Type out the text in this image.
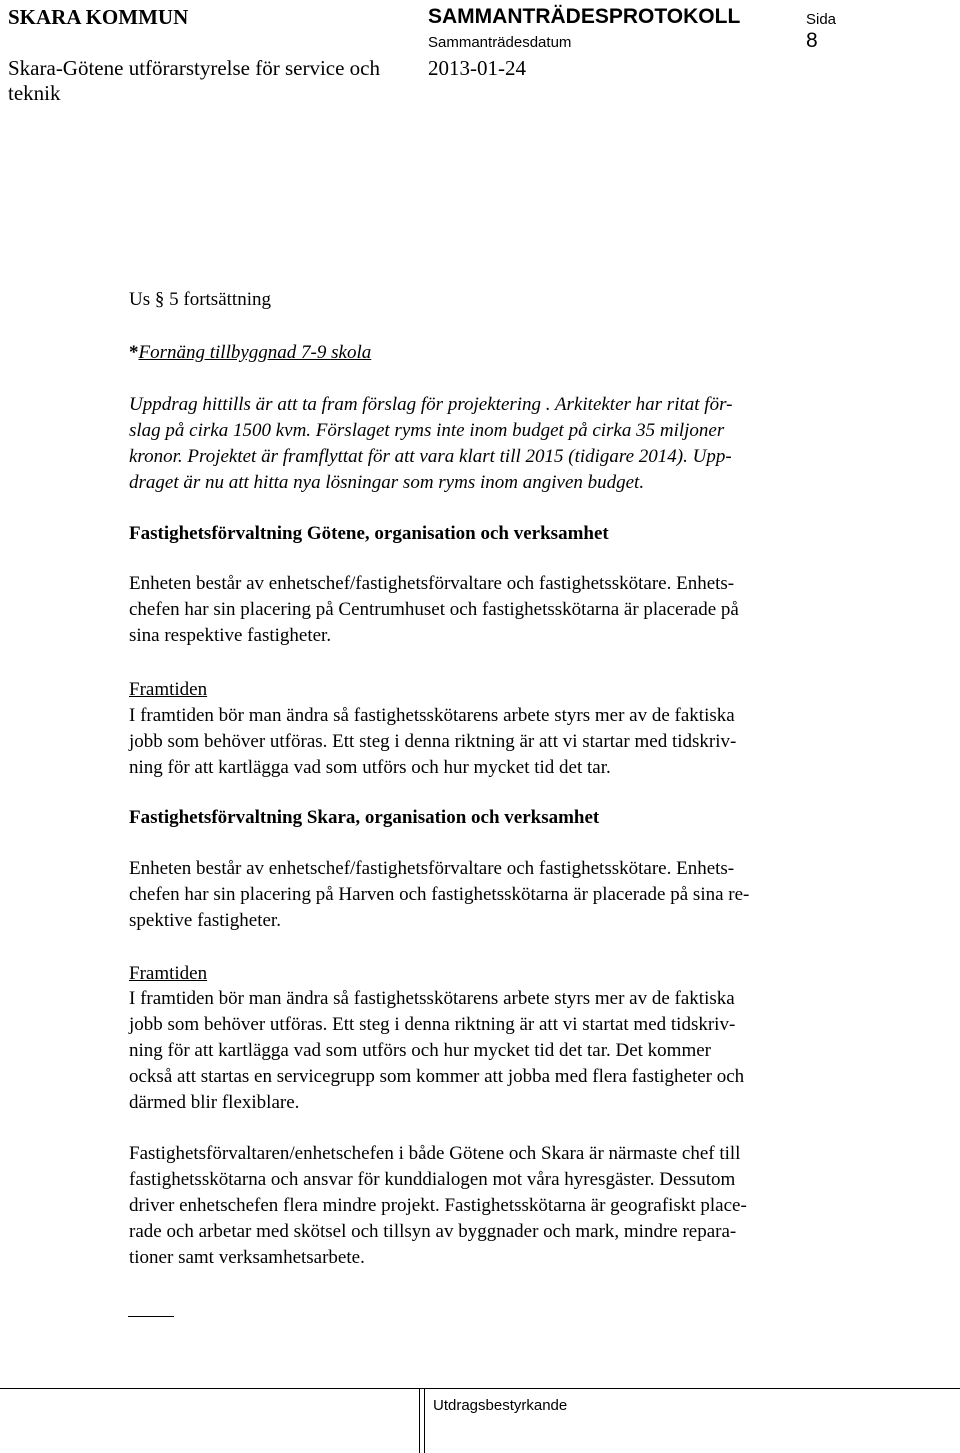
SKARA KOMMUN	SAMMANTRÄDESPROTOKOLL	Sida
Sammanträdesdatum	8
Skara-Götene utförarstyrelse för service och 2013-01-24
teknik
Us § 5 fortsättning
*Fornäng tillbyggnad 7-9 skola
Uppdrag hittills är att ta fram förslag för projektering . Arkitekter har ritat för-
slag på cirka 1500 kvm. Förslaget ryms inte inom budget på cirka 35 miljoner
kronor. Projektet är framflyttat för att vara klart till 2015 (tidigare 2014). Upp-
draget är nu att hitta nya lösningar som ryms inom angiven budget.
Fastighetsförvaltning Götene, organisation och verksamhet
Enheten består av enhetschef/fastighetsförvaltare och fastighetsskötare. Enhets-
chefen har sin placering på Centrumhuset och fastighetsskötarna är placerade på
sina respektive fastigheter.
Framtiden
I framtiden bör man ändra så fastighetsskötarens arbete styrs mer av de faktiska
jobb som behöver utföras. Ett steg i denna riktning är att vi startar med tidskriv-
ning för att kartlägga vad som utförs och hur mycket tid det tar.
Fastighetsförvaltning Skara, organisation och verksamhet
Enheten består av enhetschef/fastighetsförvaltare och fastighetsskötare. Enhets-
chefen har sin placering på Harven och fastighetsskötarna är placerade på sina re-
spektive fastigheter.
Framtiden
I framtiden bör man ändra så fastighetsskötarens arbete styrs mer av de faktiska
jobb som behöver utföras. Ett steg i denna riktning är att vi startat med tidskriv-
ning för att kartlägga vad som utförs och hur mycket tid det tar. Det kommer
också att startas en servicegrupp som kommer att jobba med flera fastigheter och
därmed blir flexiblare.
Fastighetsförvaltaren/enhetschefen i både Götene och Skara är närmaste chef till
fastighetsskötarna och ansvar för kunddialogen mot våra hyresgäster. Dessutom
driver enhetschefen flera mindre projekt. Fastighetsskötarna är geografiskt place-
rade och arbetar med skötsel och tillsyn av byggnader och mark, mindre repara-
tioner samt verksamhetsarbete.
Utdragsbestyrkande
